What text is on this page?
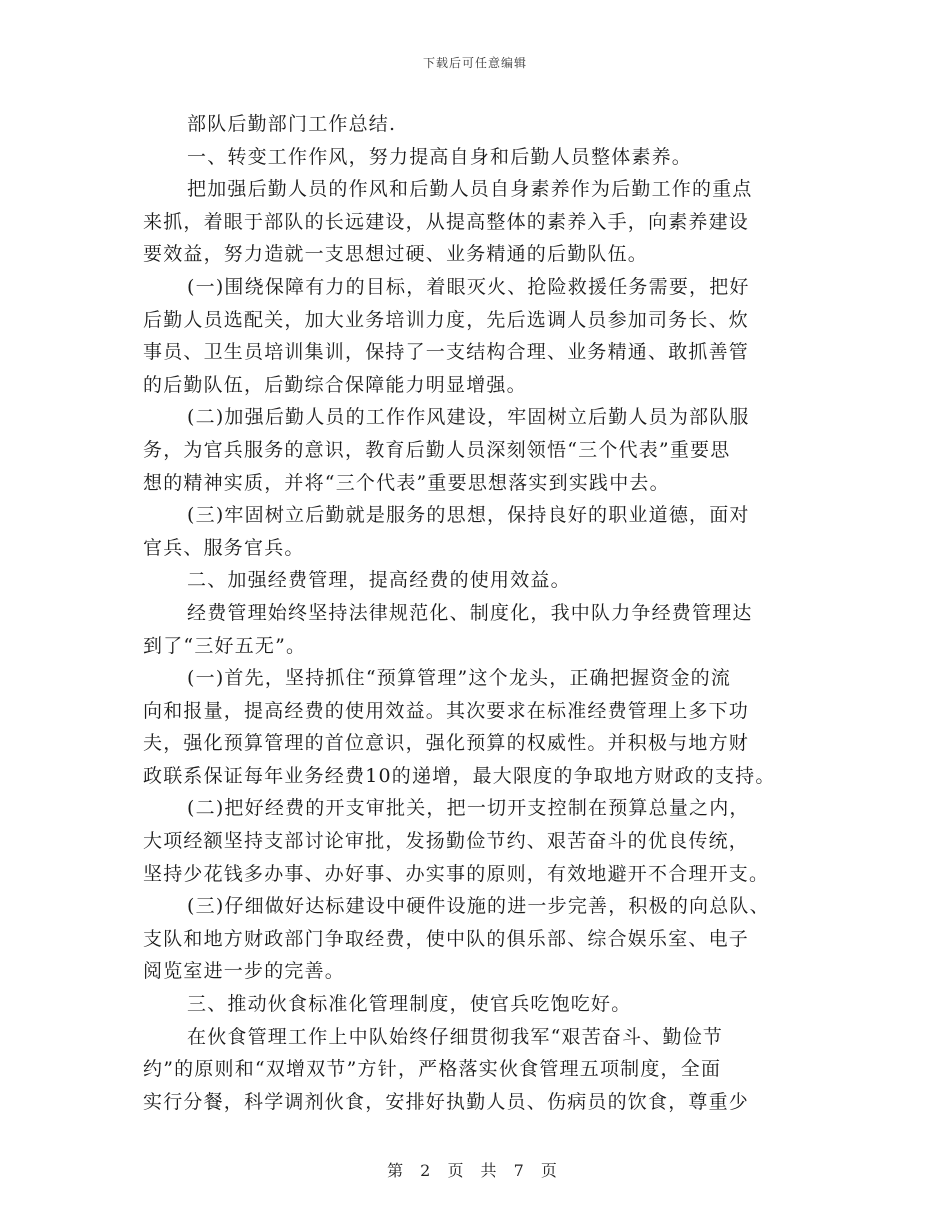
下载后可任意编辑
部队后勤部门工作总结.
一、转变工作作风，努力提高自身和后勤人员整体素养。
把加强后勤人员的作风和后勤人员自身素养作为后勤工作的重点
来抓，着眼于部队的长远建设，从提高整体的素养入手，向素养建设
要效益，努力造就一支思想过硬、业务精通的后勤队伍。
(一)围绕保障有力的目标，着眼灭火、抢险救援任务需要，把好
后勤人员选配关，加大业务培训力度，先后选调人员参加司务长、炊
事员、卫生员培训集训，保持了一支结构合理、业务精通、敢抓善管
的后勤队伍，后勤综合保障能力明显增强。
(二)加强后勤人员的工作作风建设，牢固树立后勤人员为部队服
务，为官兵服务的意识，教育后勤人员深刻领悟“三个代表”重要思
想的精神实质，并将“三个代表”重要思想落实到实践中去。
(三)牢固树立后勤就是服务的思想，保持良好的职业道德，面对
官兵、服务官兵。
二、加强经费管理，提高经费的使用效益。
经费管理始终坚持法律规范化、制度化，我中队力争经费管理达
到了“三好五无”。
(一)首先，坚持抓住“预算管理”这个龙头，正确把握资金的流
向和报量，提高经费的使用效益。其次要求在标准经费管理上多下功
夫，强化预算管理的首位意识，强化预算的权威性。并积极与地方财
政联系保证每年业务经费10的递增，最大限度的争取地方财政的支持。
(二)把好经费的开支审批关，把一切开支控制在预算总量之内，
大项经额坚持支部讨论审批，发扬勤俭节约、艰苦奋斗的优良传统，
坚持少花钱多办事、办好事、办实事的原则，有效地避开不合理开支。
(三)仔细做好达标建设中硬件设施的进一步完善，积极的向总队、
支队和地方财政部门争取经费，使中队的俱乐部、综合娱乐室、电子
阅览室进一步的完善。
三、推动伙食标准化管理制度，使官兵吃饱吃好。
在伙食管理工作上中队始终仔细贯彻我军“艰苦奋斗、勤俭节
约”的原则和“双增双节”方针，严格落实伙食管理五项制度，全面
实行分餐，科学调剂伙食，安排好执勤人员、伤病员的饮食，尊重少
第 2 页 共 7 页
